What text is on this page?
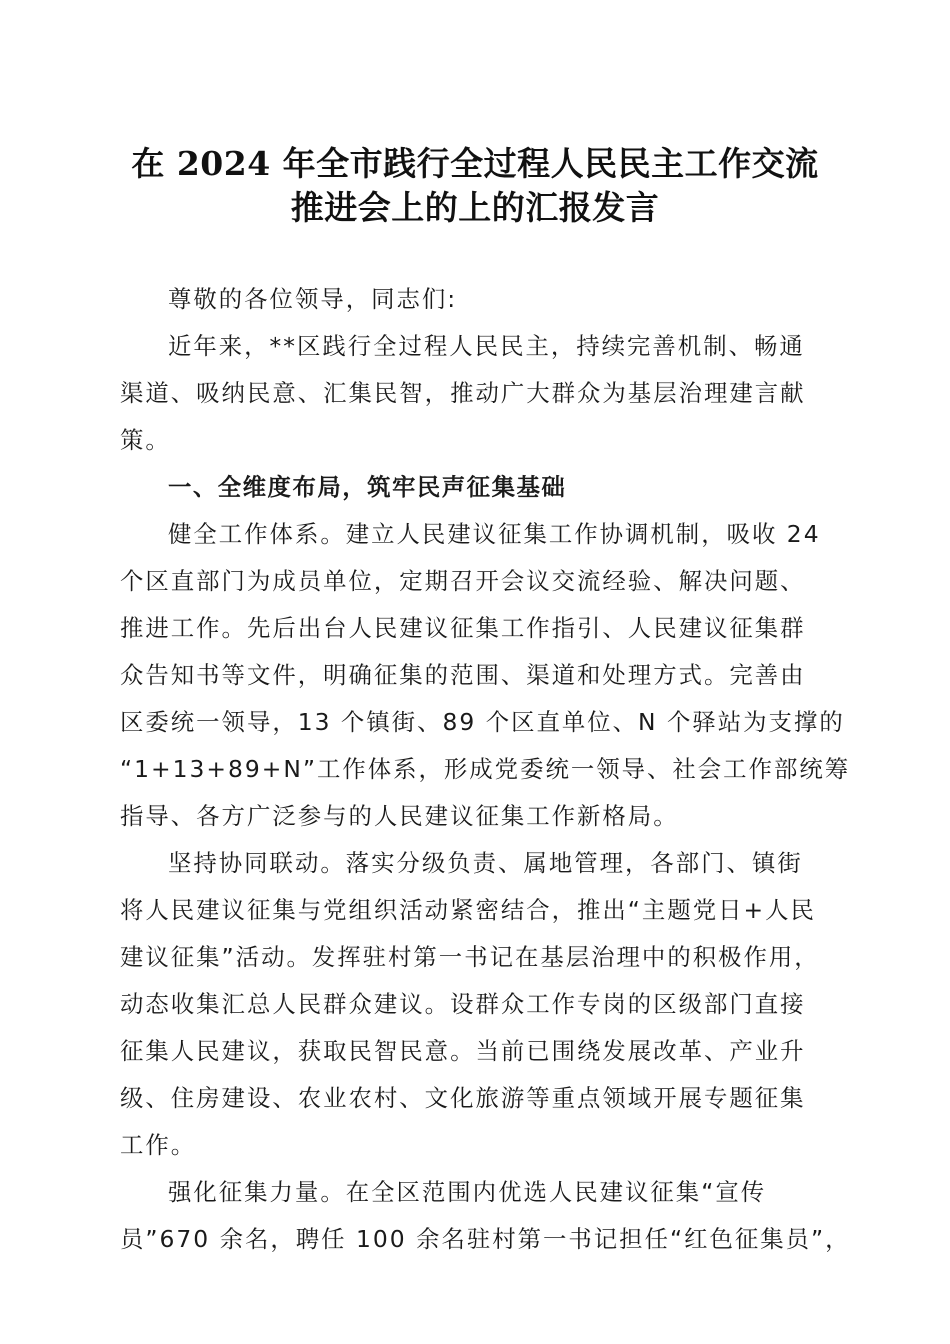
在 2024 年全市践行全过程人民民主工作交流
推进会上的上的汇报发言

尊敬的各位领导，同志们:

近年来，**区践行全过程人民民主，持续完善机制、畅通
渠道、吸纳民意、汇集民智，推动广大群众为基层治理建言献
策。

一、全维度布局，筑牢民声征集基础

健全工作体系。建立人民建议征集工作协调机制，吸收 24
个区直部门为成员单位，定期召开会议交流经验、解决问题、
推进工作。先后出台人民建议征集工作指引、人民建议征集群
众告知书等文件，明确征集的范围、渠道和处理方式。完善由
区委统一领导，13 个镇街、89 个区直单位、N 个驿站为支撑的
“1+13+89+N”工作体系，形成党委统一领导、社会工作部统筹
指导、各方广泛参与的人民建议征集工作新格局。

坚持协同联动。落实分级负责、属地管理，各部门、镇街
将人民建议征集与党组织活动紧密结合，推出“主题党日+人民
建议征集”活动。发挥驻村第一书记在基层治理中的积极作用，
动态收集汇总人民群众建议。设群众工作专岗的区级部门直接
征集人民建议，获取民智民意。当前已围绕发展改革、产业升
级、住房建设、农业农村、文化旅游等重点领域开展专题征集
工作。

强化征集力量。在全区范围内优选人民建议征集“宣传
员”670 余名，聘任 100 余名驻村第一书记担任“红色征集员”，
